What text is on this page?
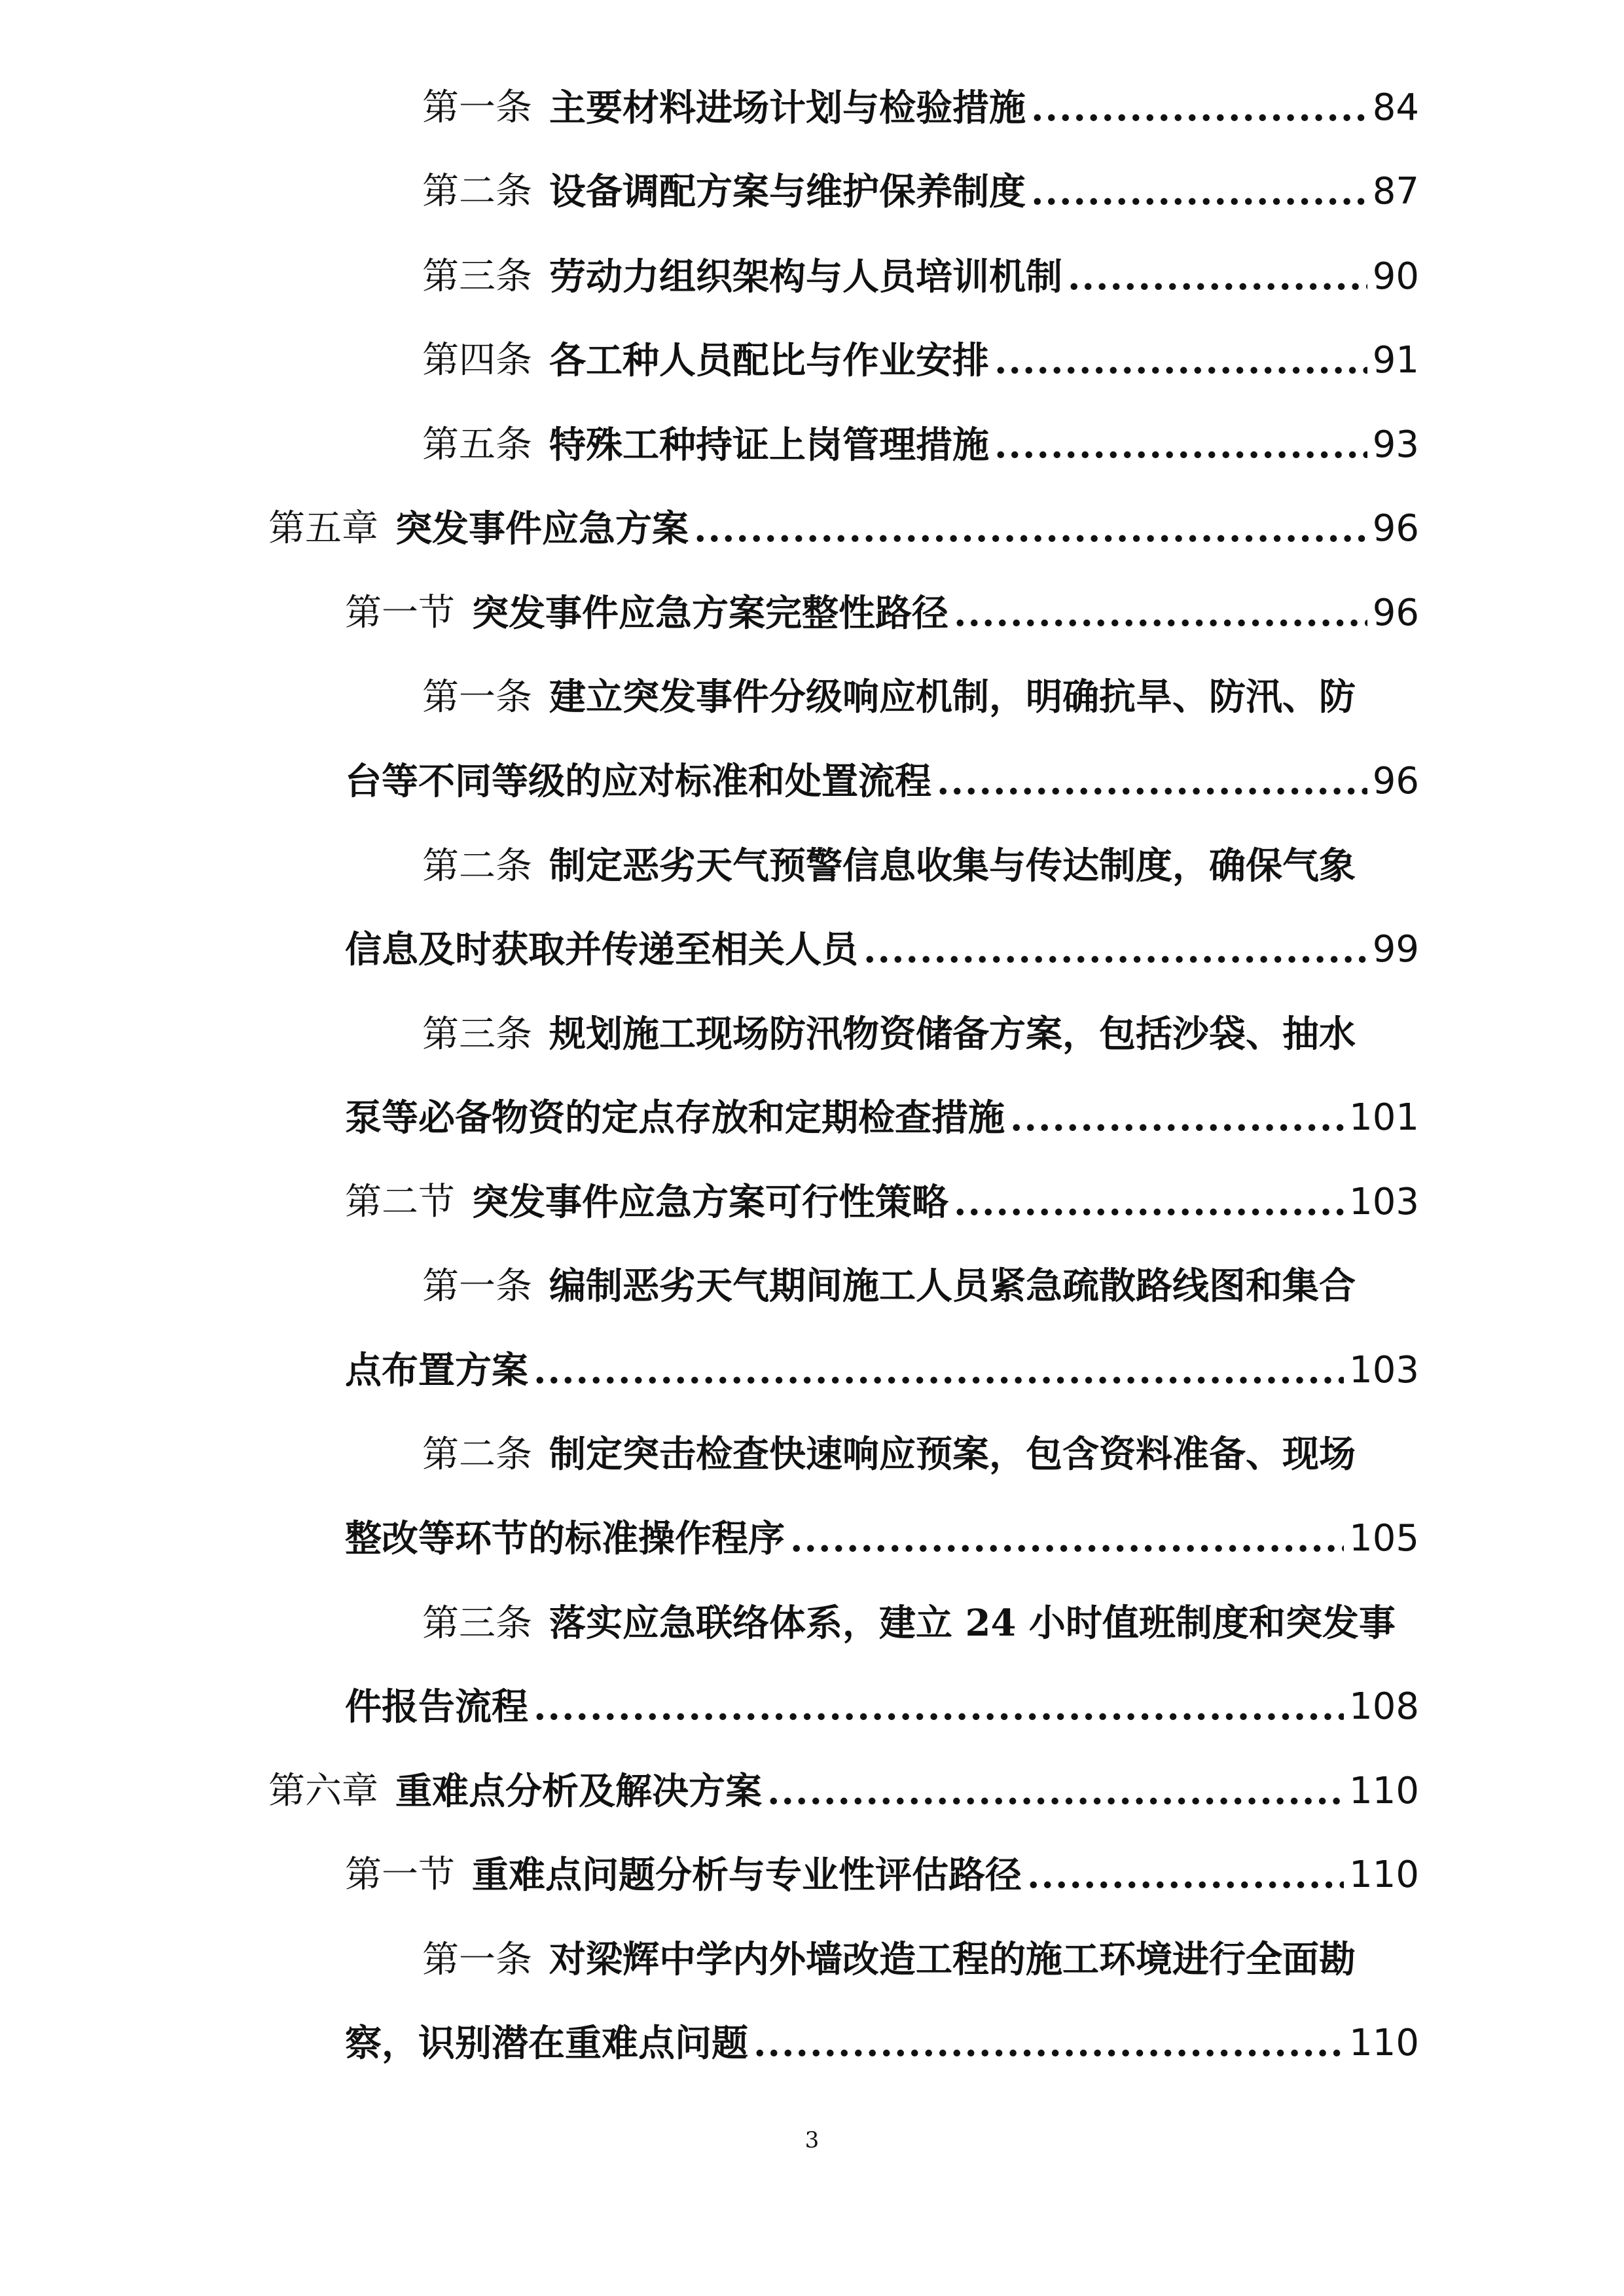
第一条 主要材料进场计划与检验措施 .....	84
第二条 设备调配方案与维护保养制度 .....	87
第三条 劳动力组织架构与人员培训机制 .....	90
第四条 各工种人员配比与作业安排 .....	91
第五条 特殊工种持证上岗管理措施 .....	93
第五章 突发事件应急方案 .....	96
第一节 突发事件应急方案完整性路径 .....	96
第一条 建立突发事件分级响应机制，明确抗旱、防汛、防
台等不同等级的应对标准和处置流程 .....	96
第二条 制定恶劣天气预警信息收集与传达制度，确保气象
信息及时获取并传递至相关人员 .....	99
第三条 规划施工现场防汛物资储备方案，包括沙袋、抽水
泵等必备物资的定点存放和定期检查措施 .....	101
第二节 突发事件应急方案可行性策略 .....	103
第一条 编制恶劣天气期间施工人员紧急疏散路线图和集合
点布置方案 .....	103
第二条 制定突击检查快速响应预案，包含资料准备、现场
整改等环节的标准操作程序 .....	105
第三条 落实应急联络体系，建立 24 小时值班制度和突发事
件报告流程 .....	108
第六章 重难点分析及解决方案 .....	110
第一节 重难点问题分析与专业性评估路径 .....	110
第一条 对梁辉中学内外墙改造工程的施工环境进行全面勘
察，识别潜在重难点问题 .....	110
3
